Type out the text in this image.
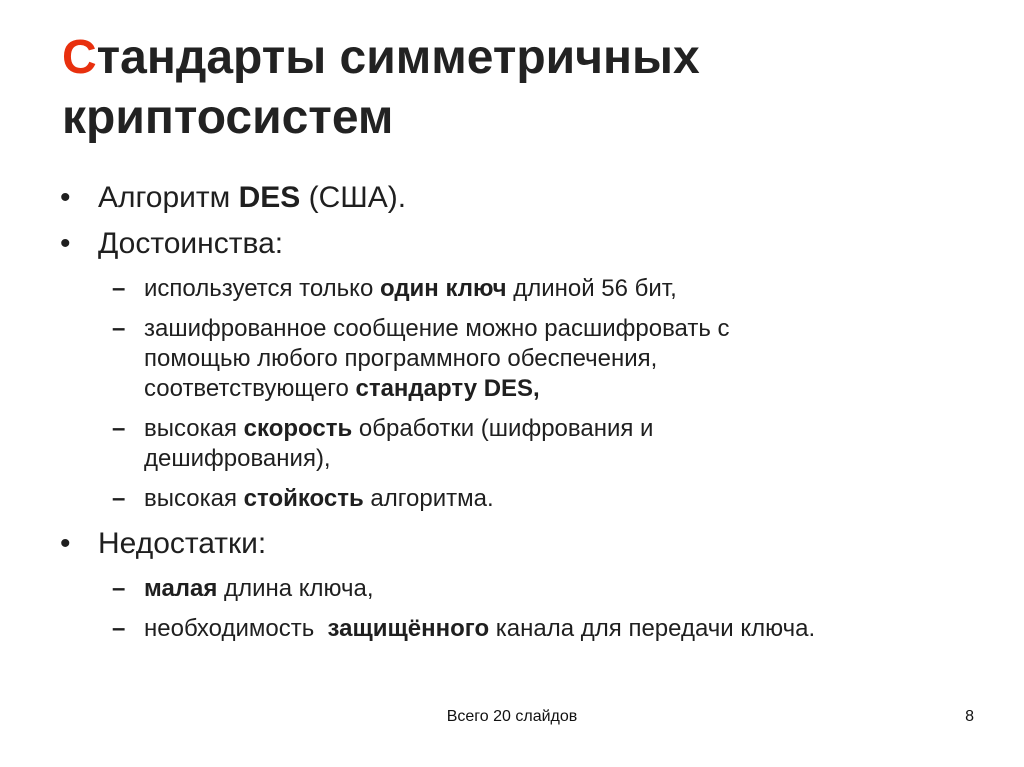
Стандарты симметричных
криптосистем
• Алгоритм DES (США).
• Достоинства:
– используется только один ключ длиной 56 бит,
– зашифрованное сообщение можно расшифровать с
помощью любого программного обеспечения,
соответствующего стандарту DES,
– высокая скорость обработки (шифрования и
дешифрования),
– высокая стойкость алгоритма.
• Недостатки:
– малая длина ключа,
– необходимость  защищённого канала для передачи ключа.
Всего 20 слайдов	8
